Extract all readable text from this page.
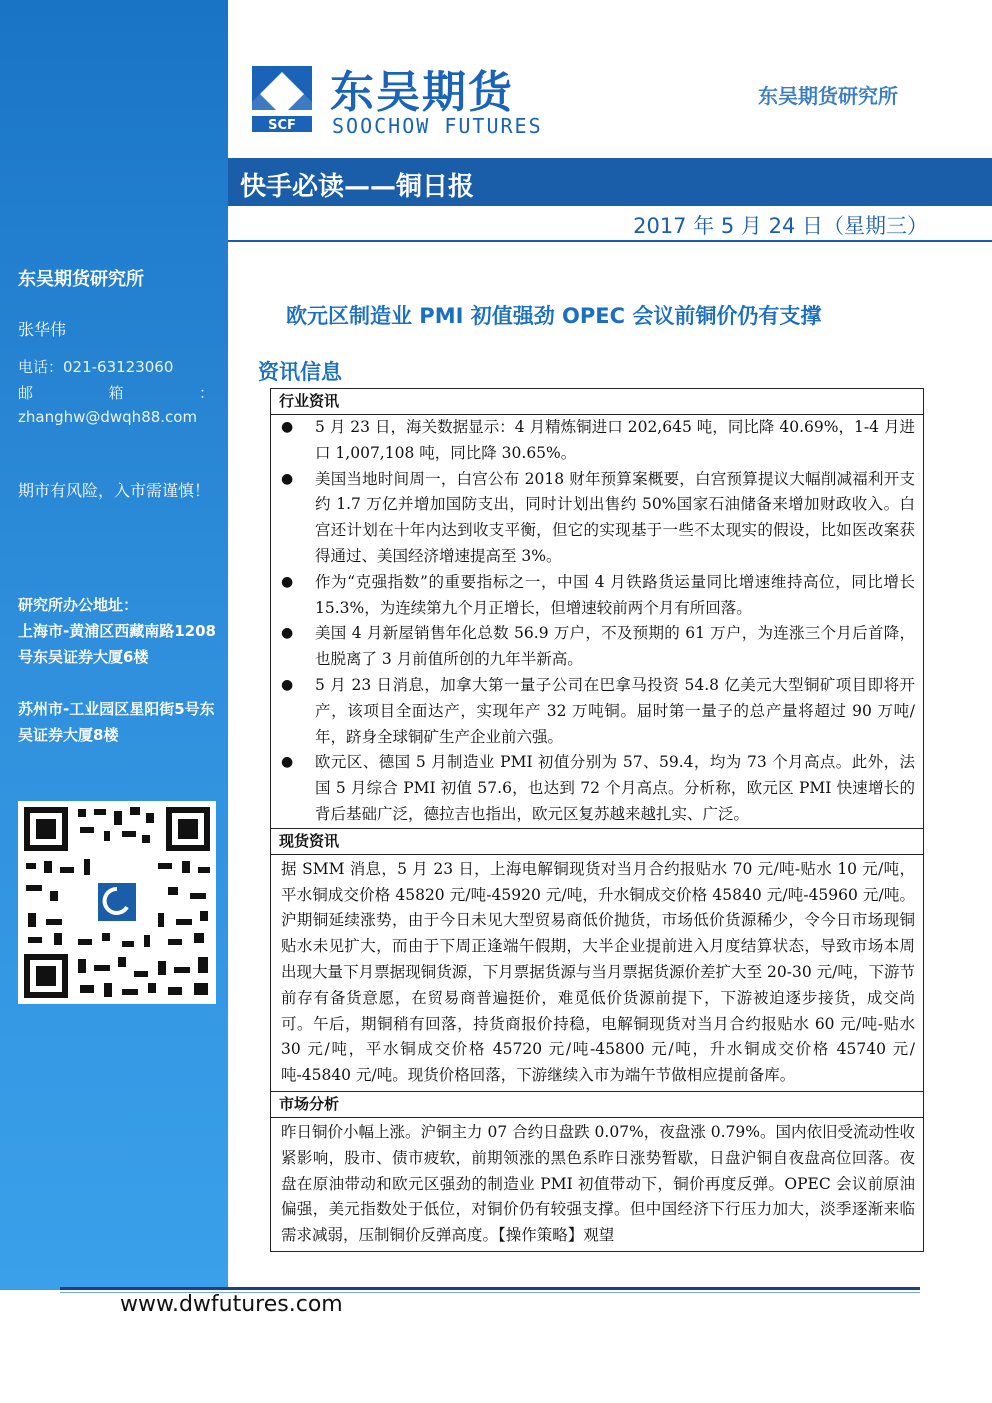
东吴期货研究所
张华伟
电话：021-63123060
邮	箱	：
zhanghw@dwqh88.com
期市有风险，入市需谨慎！
研究所办公地址：
上海市-黄浦区西藏南路1208号东吴证券大厦6楼
苏州市-工业园区星阳街5号东吴证券大厦8楼
SCF
东吴期货
SOOCHOW FUTURES
东吴期货研究所
快手必读——铜日报
2017 年 5 月 24 日（星期三）
欧元区制造业 PMI 初值强劲 OPEC 会议前铜价仍有支撑
资讯信息
行业资讯
● 5 月 23 日，海关数据显示：4 月精炼铜进口 202,645 吨，同比降 40.69%，1-4 月进口 1,007,108 吨，同比降 30.65%。
● 美国当地时间周一，白宫公布 2018 财年预算案概要，白宫预算提议大幅削减福利开支约 1.7 万亿并增加国防支出，同时计划出售约 50%国家石油储备来增加财政收入。白宫还计划在十年内达到收支平衡，但它的实现基于一些不太现实的假设，比如医改案获得通过、美国经济增速提高至 3%。
● 作为“克强指数”的重要指标之一，中国 4 月铁路货运量同比增速维持高位，同比增长 15.3%，为连续第九个月正增长，但增速较前两个月有所回落。
● 美国 4 月新屋销售年化总数 56.9 万户，不及预期的 61 万户，为连涨三个月后首降，也脱离了 3 月前值所创的九年半新高。
● 5 月 23 日消息，加拿大第一量子公司在巴拿马投资 54.8 亿美元大型铜矿项目即将开产，该项目全面达产，实现年产 32 万吨铜。届时第一量子的总产量将超过 90 万吨/年，跻身全球铜矿生产企业前六强。
● 欧元区、德国 5 月制造业 PMI 初值分别为 57、59.4，均为 73 个月高点。此外，法国 5 月综合 PMI 初值 57.6，也达到 72 个月高点。分析称，欧元区 PMI 快速增长的背后基础广泛，德拉吉也指出，欧元区复苏越来越扎实、广泛。
现货资讯
据 SMM 消息，5 月 23 日，上海电解铜现货对当月合约报贴水 70 元/吨-贴水 10 元/吨，平水铜成交价格 45820 元/吨-45920 元/吨，升水铜成交价格 45840 元/吨-45960 元/吨。沪期铜延续涨势，由于今日未见大型贸易商低价抛货，市场低价货源稀少，令今日市场现铜贴水未见扩大，而由于下周正逢端午假期，大半企业提前进入月度结算状态，导致市场本周出现大量下月票据现铜货源，下月票据货源与当月票据货源价差扩大至 20-30 元/吨，下游节前存有备货意愿，在贸易商普遍挺价，难觅低价货源前提下，下游被迫逐步接货，成交尚可。午后，期铜稍有回落，持货商报价持稳，电解铜现货对当月合约报贴水 60 元/吨-贴水 30 元/吨，平水铜成交价格 45720 元/吨-45800 元/吨，升水铜成交价格 45740 元/吨-45840 元/吨。现货价格回落，下游继续入市为端午节做相应提前备库。
市场分析
昨日铜价小幅上涨。沪铜主力 07 合约日盘跌 0.07%，夜盘涨 0.79%。国内依旧受流动性收紧影响，股市、债市疲软，前期领涨的黑色系昨日涨势暂歇，日盘沪铜自夜盘高位回落。夜盘在原油带动和欧元区强劲的制造业 PMI 初值带动下，铜价再度反弹。OPEC 会议前原油偏强，美元指数处于低位，对铜价仍有较强支撑。但中国经济下行压力加大，淡季逐渐来临需求减弱，压制铜价反弹高度。【操作策略】观望
www.dwfutures.com
